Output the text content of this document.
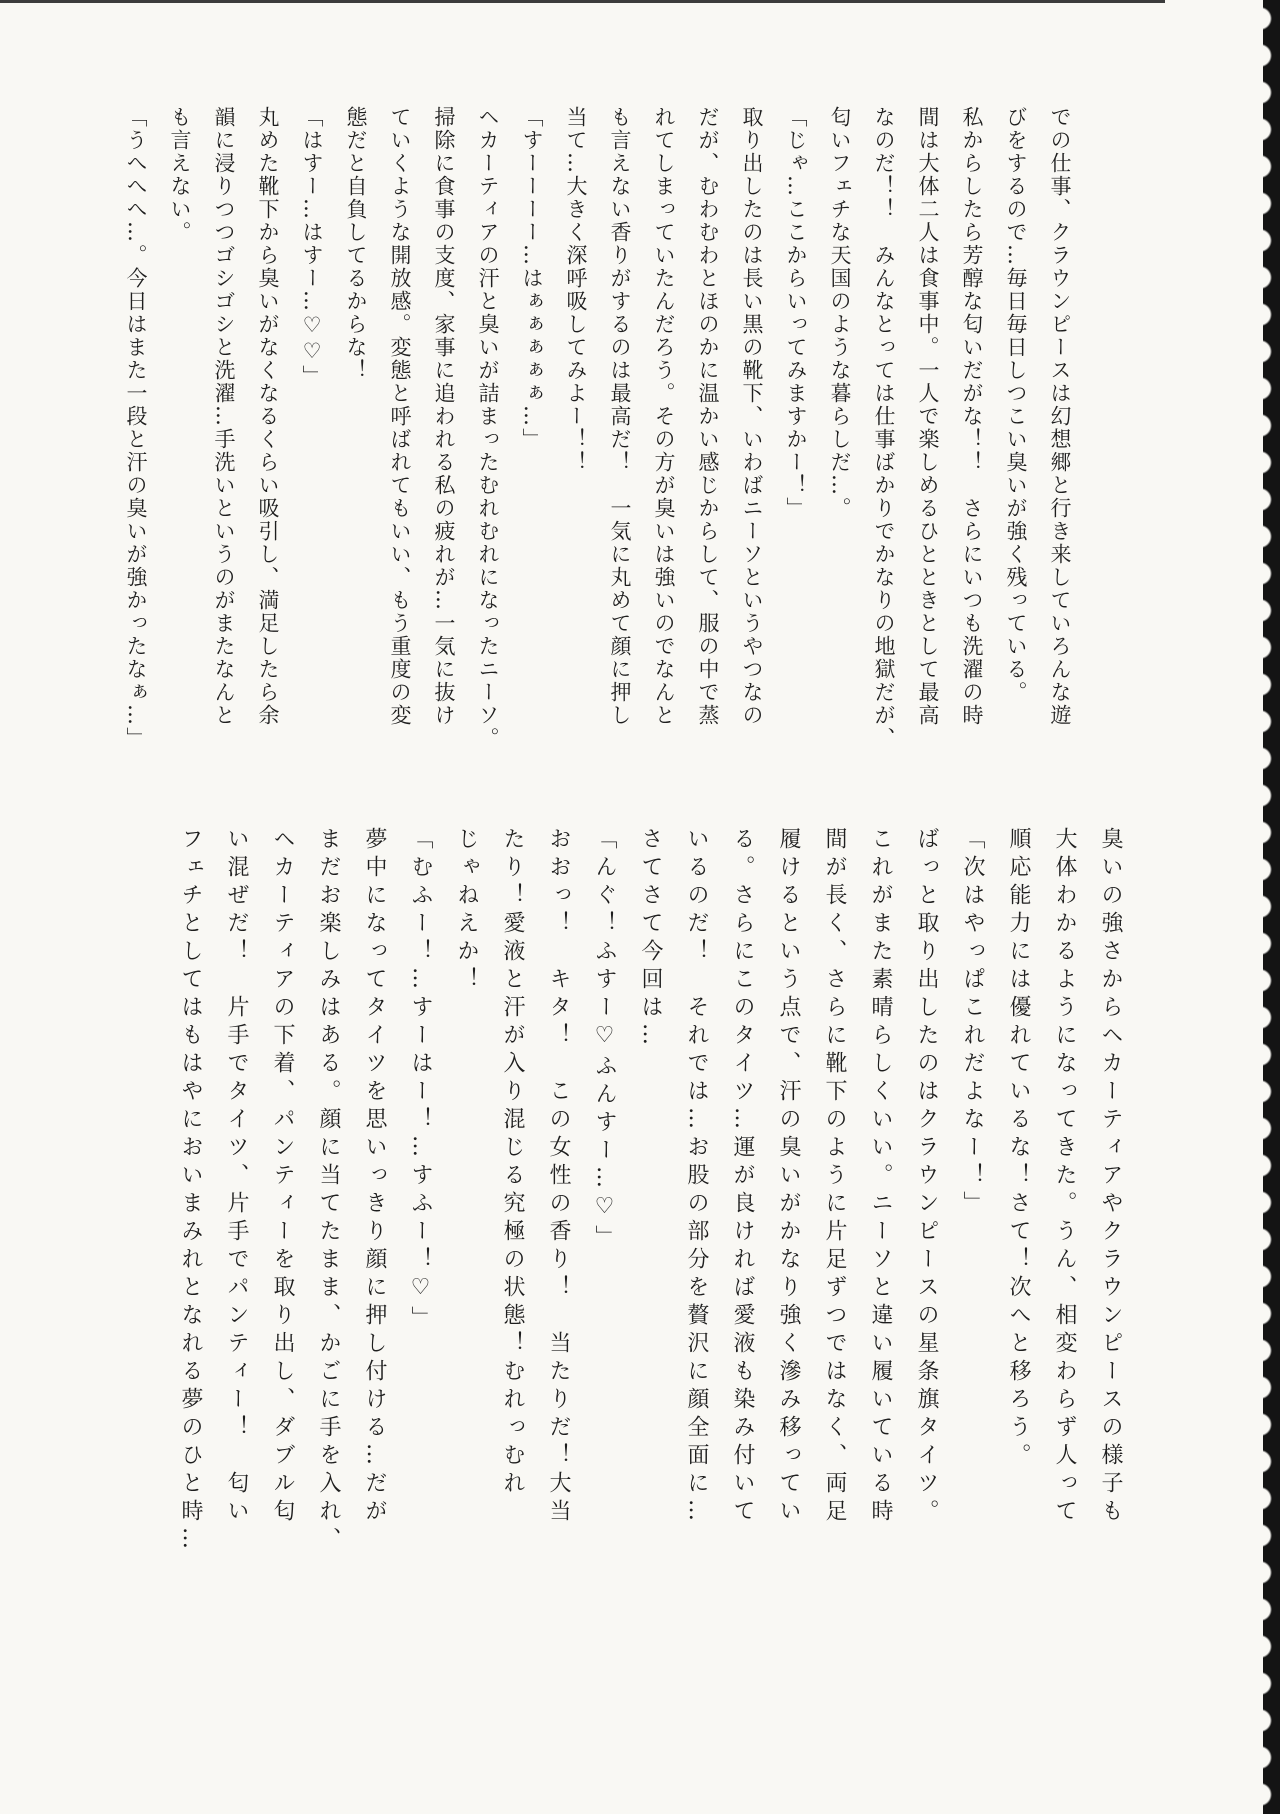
での仕事、クラウンピースは幻想郷と行き来していろんな遊
びをするので…毎日毎日しつこい臭いが強く残っている。
私からしたら芳醇な匂いだがな！！　さらにいつも洗濯の時
間は大体二人は食事中。一人で楽しめるひとときとして最高
なのだ！！　みんなとっては仕事ばかりでかなりの地獄だが、
匂いフェチな天国のような暮らしだ…。
「じゃ…ここからいってみますかー！」
取り出したのは長い黒の靴下、いわばニーソというやつなの
だが、むわむわとほのかに温かい感じからして、服の中で蒸
れてしまっていたんだろう。その方が臭いは強いのでなんと
も言えない香りがするのは最高だ！　一気に丸めて顔に押し
当て…大きく深呼吸してみよー！！
「すーーーー…はぁぁぁぁぁ…」
ヘカーティアの汗と臭いが詰まったむれむれになったニーソ。
掃除に食事の支度、家事に追われる私の疲れが…一気に抜け
ていくような開放感。変態と呼ばれてもいい、もう重度の変
態だと自負してるからな！
「はすー…はすー…♡♡」
丸めた靴下から臭いがなくなるくらい吸引し、満足したら余
韻に浸りつつゴシゴシと洗濯…手洗いというのがまたなんと
も言えない。
「うへへへ…。今日はまた一段と汗の臭いが強かったなぁ…」
臭いの強さからヘカーティアやクラウンピースの様子も
大体わかるようになってきた。うん、相変わらず人って
順応能力には優れているな！さて！次へと移ろう。
「次はやっぱこれだよなー！」
ばっと取り出したのはクラウンピースの星条旗タイツ。
これがまた素晴らしくいい。ニーソと違い履いている時
間が長く、さらに靴下のように片足ずつではなく、両足
履けるという点で、汗の臭いがかなり強く滲み移ってい
る。さらにこのタイツ…運が良ければ愛液も染み付いて
いるのだ！　それでは…お股の部分を贅沢に顔全面に…
さてさて今回は…
「んぐ！ふすー♡ふんすー…♡」
おおっ！　キタ！　この女性の香り！　当たりだ！大当
たり！愛液と汗が入り混じる究極の状態！むれっむれ
じゃねえか！
「むふー！…すーはー！…すふー！♡」
夢中になってタイツを思いっきり顔に押し付ける…だが
まだお楽しみはある。顔に当てたまま、かごに手を入れ、
ヘカーティアの下着、パンティーを取り出し、ダブル匂
い混ぜだ！　片手でタイツ、片手でパンティー！　匂い
フェチとしてはもはやにおいまみれとなれる夢のひと時…
